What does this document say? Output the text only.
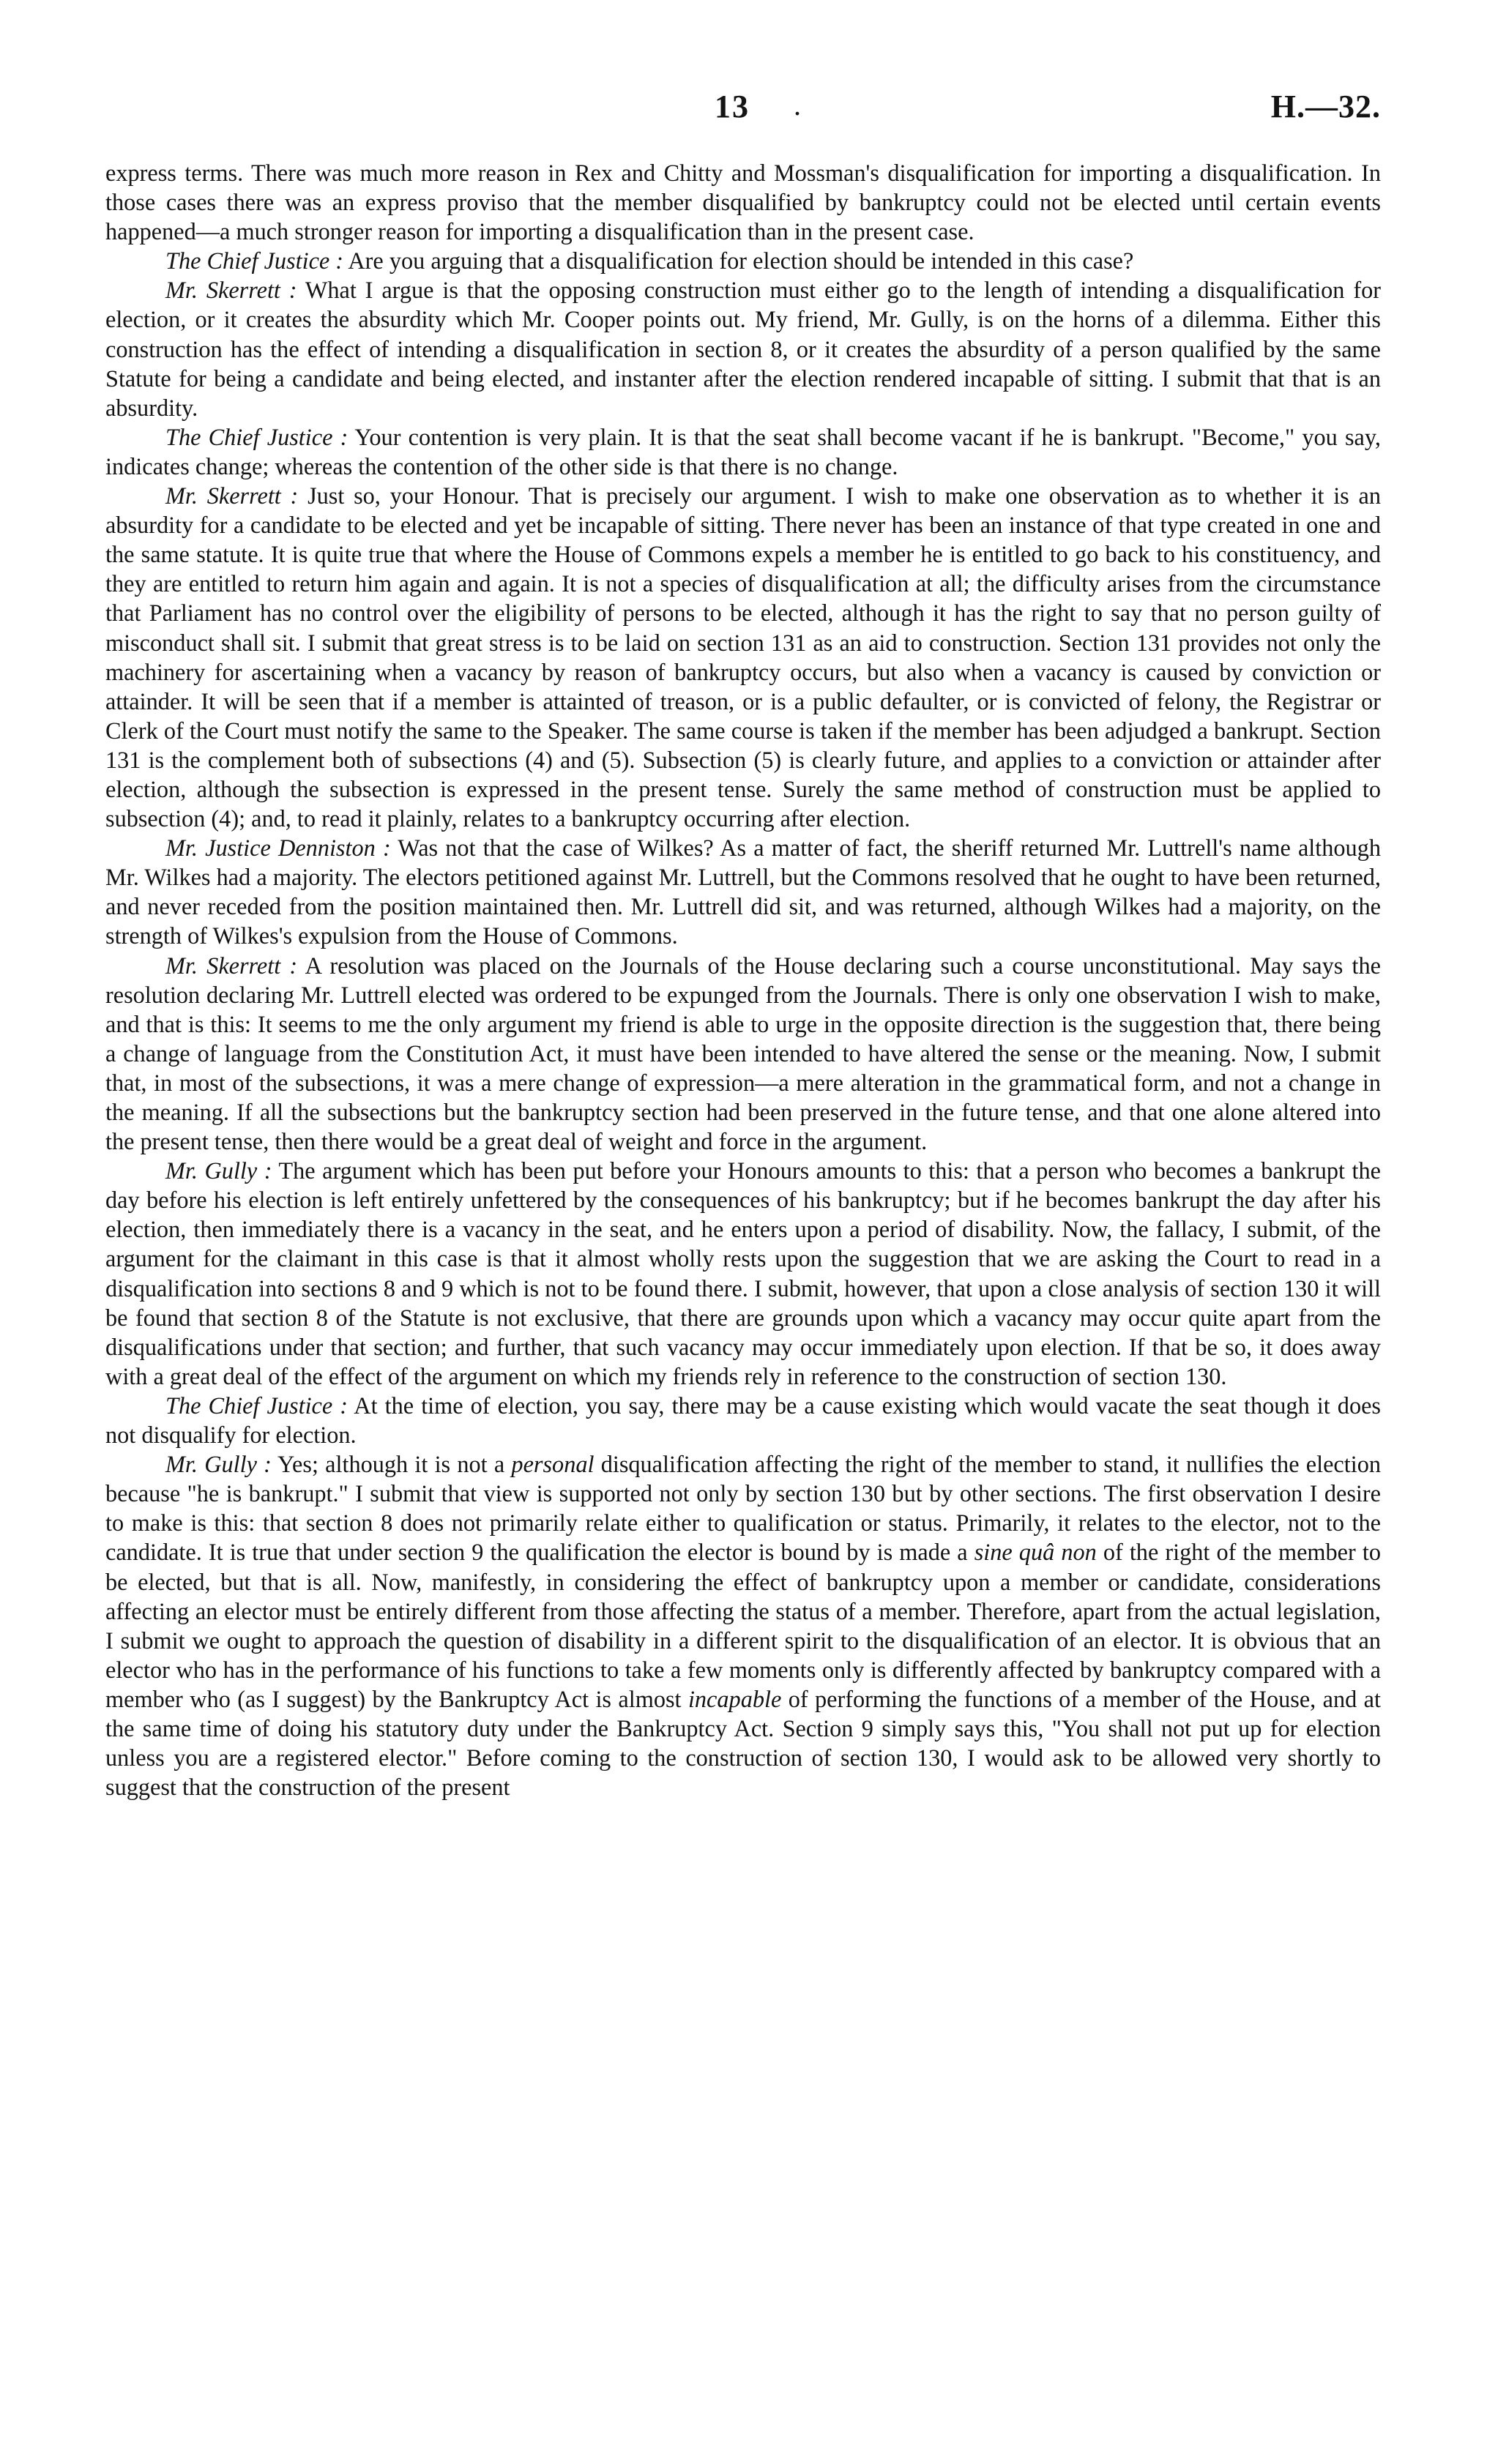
13 .	H.—32.

express terms. There was much more reason in Rex and Chitty and Mossman's disqualification for importing a disqualification. In those cases there was an express proviso that the member disqualified by bankruptcy could not be elected until certain events happened—a much stronger reason for importing a disqualification than in the present case.

The Chief Justice : Are you arguing that a disqualification for election should be intended in this case?

Mr. Skerrett : What I argue is that the opposing construction must either go to the length of intending a disqualification for election, or it creates the absurdity which Mr. Cooper points out. My friend, Mr. Gully, is on the horns of a dilemma. Either this construction has the effect of intending a disqualification in section 8, or it creates the absurdity of a person qualified by the same Statute for being a candidate and being elected, and instanter after the election rendered incapable of sitting. I submit that that is an absurdity.

The Chief Justice : Your contention is very plain. It is that the seat shall become vacant if he is bankrupt. "Become," you say, indicates change; whereas the contention of the other side is that there is no change.

Mr. Skerrett : Just so, your Honour. That is precisely our argument. I wish to make one observation as to whether it is an absurdity for a candidate to be elected and yet be incapable of sitting. There never has been an instance of that type created in one and the same statute. It is quite true that where the House of Commons expels a member he is entitled to go back to his constituency, and they are entitled to return him again and again. It is not a species of disqualification at all; the difficulty arises from the circumstance that Parliament has no control over the eligibility of persons to be elected, although it has the right to say that no person guilty of misconduct shall sit. I submit that great stress is to be laid on section 131 as an aid to construction. Section 131 provides not only the machinery for ascertaining when a vacancy by reason of bankruptcy occurs, but also when a vacancy is caused by conviction or attainder. It will be seen that if a member is attainted of treason, or is a public defaulter, or is convicted of felony, the Registrar or Clerk of the Court must notify the same to the Speaker. The same course is taken if the member has been adjudged a bankrupt. Section 131 is the complement both of subsections (4) and (5). Subsection (5) is clearly future, and applies to a conviction or attainder after election, although the subsection is expressed in the present tense. Surely the same method of construction must be applied to subsection (4); and, to read it plainly, relates to a bankruptcy occurring after election.

Mr. Justice Denniston : Was not that the case of Wilkes? As a matter of fact, the sheriff returned Mr. Luttrell's name although Mr. Wilkes had a majority. The electors petitioned against Mr. Luttrell, but the Commons resolved that he ought to have been returned, and never receded from the position maintained then. Mr. Luttrell did sit, and was returned, although Wilkes had a majority, on the strength of Wilkes's expulsion from the House of Commons.

Mr. Skerrett : A resolution was placed on the Journals of the House declaring such a course unconstitutional. May says the resolution declaring Mr. Luttrell elected was ordered to be expunged from the Journals. There is only one observation I wish to make, and that is this: It seems to me the only argument my friend is able to urge in the opposite direction is the suggestion that, there being a change of language from the Constitution Act, it must have been intended to have altered the sense or the meaning. Now, I submit that, in most of the subsections, it was a mere change of expression—a mere alteration in the grammatical form, and not a change in the meaning. If all the subsections but the bankruptcy section had been preserved in the future tense, and that one alone altered into the present tense, then there would be a great deal of weight and force in the argument.

Mr. Gully : The argument which has been put before your Honours amounts to this: that a person who becomes a bankrupt the day before his election is left entirely unfettered by the consequences of his bankruptcy; but if he becomes bankrupt the day after his election, then immediately there is a vacancy in the seat, and he enters upon a period of disability. Now, the fallacy, I submit, of the argument for the claimant in this case is that it almost wholly rests upon the suggestion that we are asking the Court to read in a disqualification into sections 8 and 9 which is not to be found there. I submit, however, that upon a close analysis of section 130 it will be found that section 8 of the Statute is not exclusive, that there are grounds upon which a vacancy may occur quite apart from the disqualifications under that section; and further, that such vacancy may occur immediately upon election. If that be so, it does away with a great deal of the effect of the argument on which my friends rely in reference to the construction of section 130.

The Chief Justice : At the time of election, you say, there may be a cause existing which would vacate the seat though it does not disqualify for election.

Mr. Gully : Yes; although it is not a personal disqualification affecting the right of the member to stand, it nullifies the election because "he is bankrupt." I submit that view is supported not only by section 130 but by other sections. The first observation I desire to make is this: that section 8 does not primarily relate either to qualification or status. Primarily, it relates to the elector, not to the candidate. It is true that under section 9 the qualification the elector is bound by is made a sine quâ non of the right of the member to be elected, but that is all. Now, manifestly, in considering the effect of bankruptcy upon a member or candidate, considerations affecting an elector must be entirely different from those affecting the status of a member. Therefore, apart from the actual legislation, I submit we ought to approach the question of disability in a different spirit to the disqualification of an elector. It is obvious that an elector who has in the performance of his functions to take a few moments only is differently affected by bankruptcy compared with a member who (as I suggest) by the Bankruptcy Act is almost incapable of performing the functions of a member of the House, and at the same time of doing his statutory duty under the Bankruptcy Act. Section 9 simply says this, "You shall not put up for election unless you are a registered elector." Before coming to the construction of section 130, I would ask to be allowed very shortly to suggest that the construction of the present
